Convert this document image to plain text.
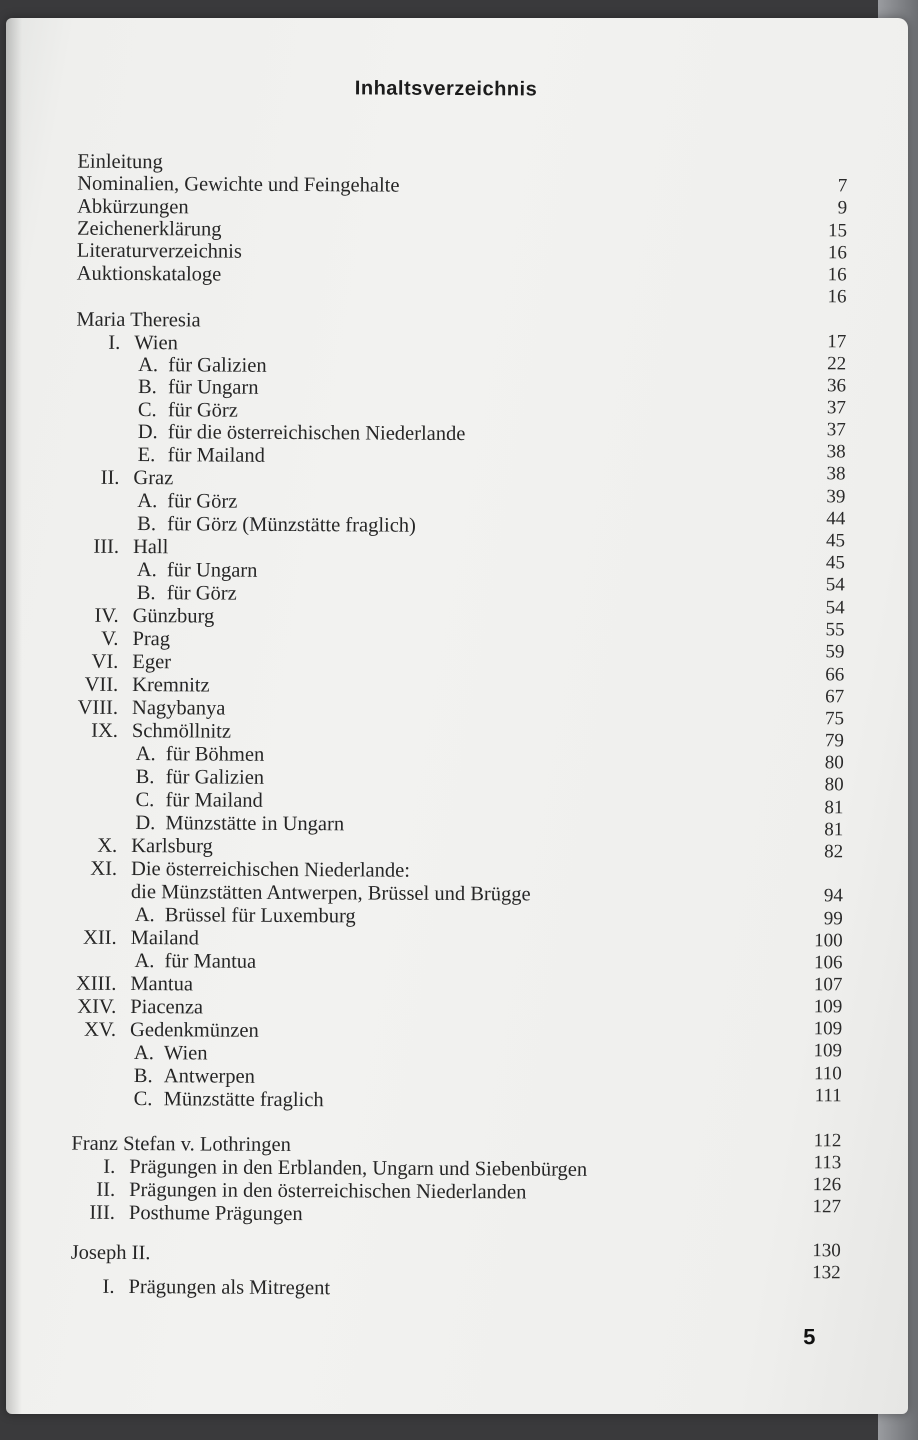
Inhaltsverzeichnis
Einleitung
Nominalien, Gewichte und Feingehalte
Abkürzungen
Zeichenerklärung
Literaturverzeichnis
Auktionskataloge
Maria Theresia
I. Wien
A. für Galizien
B. für Ungarn
C. für Görz
D. für die österreichischen Niederlande
E. für Mailand
II. Graz
A. für Görz
B. für Görz (Münzstätte fraglich)
III. Hall
A. für Ungarn
B. für Görz
IV. Günzburg
V. Prag
VI. Eger
VII. Kremnitz
VIII. Nagybanya
IX. Schmöllnitz
A. für Böhmen
B. für Galizien
C. für Mailand
D. Münzstätte in Ungarn
X. Karlsburg
XI. Die österreichischen Niederlande:
die Münzstätten Antwerpen, Brüssel und Brügge
A. Brüssel für Luxemburg
XII. Mailand
A. für Mantua
XIII. Mantua
XIV. Piacenza
XV. Gedenkmünzen
A. Wien
B. Antwerpen
C. Münzstätte fraglich
Franz Stefan v. Lothringen
I. Prägungen in den Erblanden, Ungarn und Siebenbürgen
II. Prägungen in den österreichischen Niederlanden
III. Posthume Prägungen
Joseph II.
I. Prägungen als Mitregent
7
9
15
16
16
16
17
22
36
37
37
38
38
39
44
45
45
54
54
55
59
66
67
75
79
80
80
81
81
82
94
99
100
106
107
109
109
109
110
111
112
113
126
127
130
132
5
